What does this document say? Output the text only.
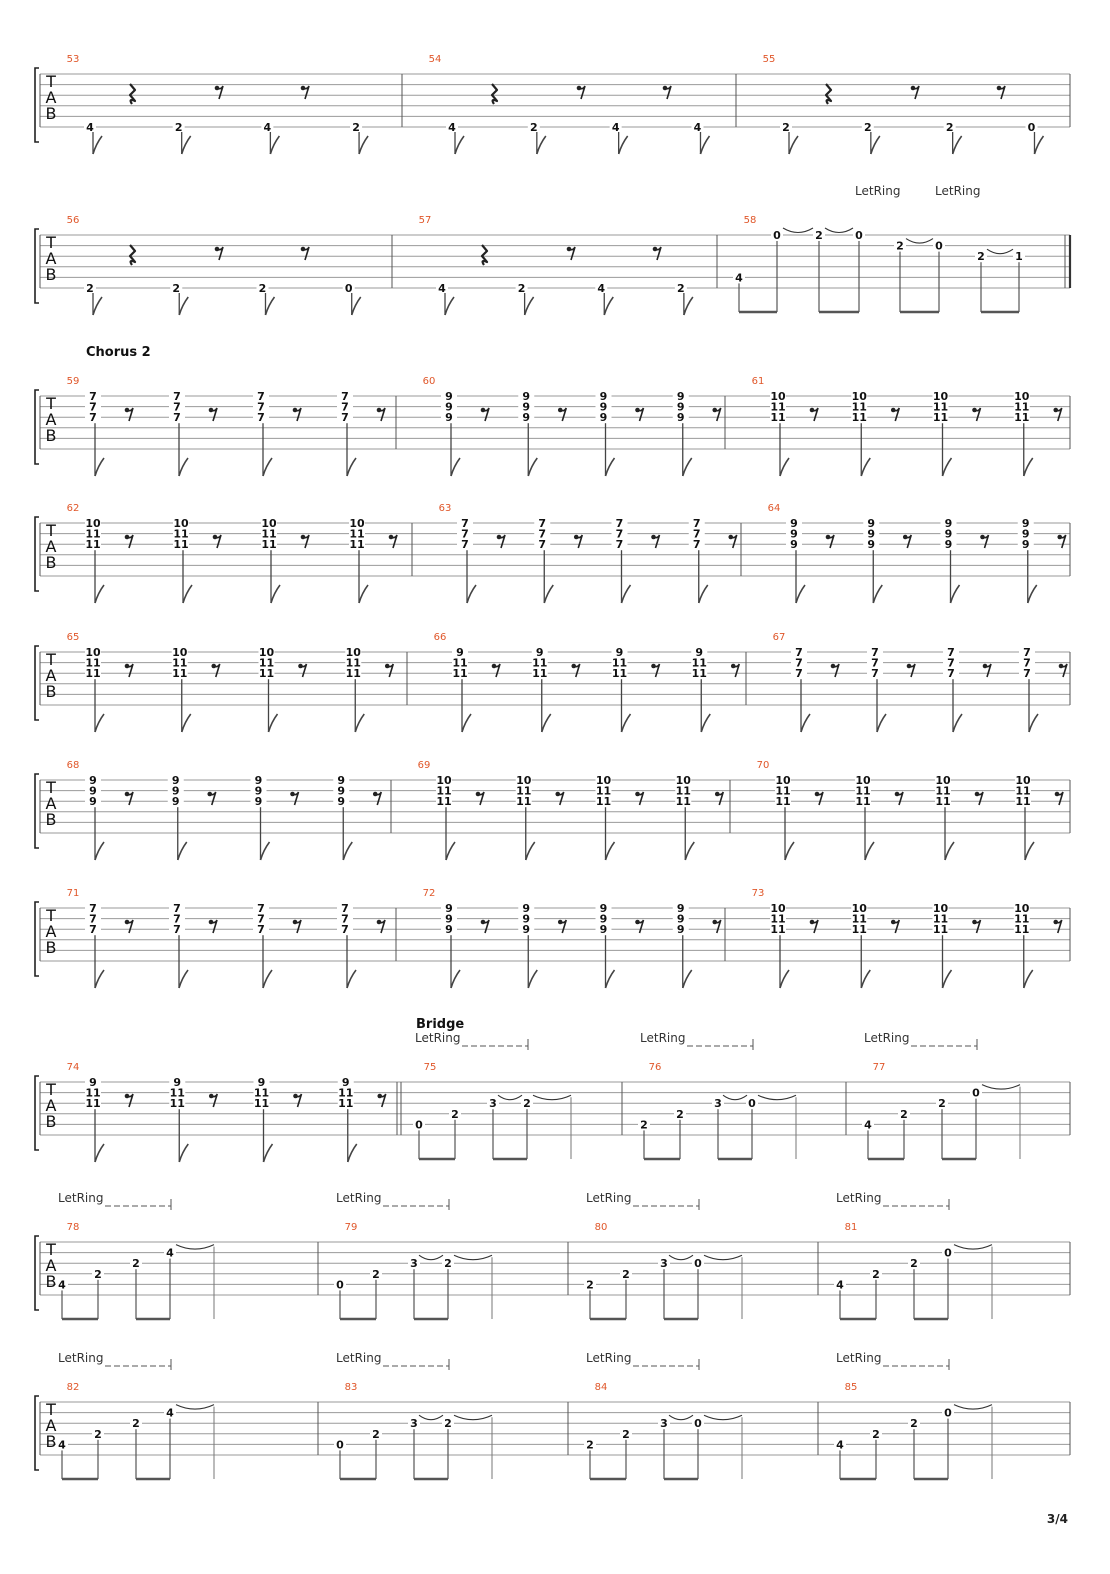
T
A
B
53
4	2	4	2
54
4	2	4	4
55
2	2	2	0
T
A
B
56
2	2	2	0
57
4	2	4	2
58
4
0	2	0
2	0
2	1
LetRing	LetRing
Chorus 2
T
A
B
59
7
7
7
7
7
7
7
7
7
7
7
7
60
9
9
9
9
9
9
9
9
9
9
9
9
61
10
11
11
10
11
11
10
11
11
10
11
11
T
A
B
62
10
11
11
10
11
11
10
11
11
10
11
11
63
7
7
7
7
7
7
7
7
7
7
7
7
64
9
9
9
9
9
9
9
9
9
9
9
9
T
A
B
65
10
11
11
10
11
11
10
11
11
10
11
11
66
9
11
11
9
11
11
9
11
11
9
11
11
67
7
7
7
7
7
7
7
7
7
7
7
7
T
A
B
68
9
9
9
9
9
9
9
9
9
9
9
9
69
10
11
11
10
11
11
10
11
11
10
11
11
70
10
11
11
10
11
11
10
11
11
10
11
11
T
A
B
71
7
7
7
7
7
7
7
7
7
7
7
7
72
9
9
9
9
9
9
9
9
9
9
9
9
73
10
11
11
10
11
11
10
11
11
10
11
11
T
A
B
74
9
11
11
9
11
11
9
11
11
9
11
11
75
Bridge
LetRing
0
2
3 2
76
LetRing
2
2
3 0
77
LetRing
4
2
2
0
T
A
B
78
LetRing
4
2
2
4
79
LetRing
0
2
3 2
80
LetRing
2
2
3 0
81
LetRing
4
2
2
0
T
A
B
82
LetRing
4
2
2
4
83
LetRing
0
2
3 2
84
LetRing
2
2
3 0
85
LetRing
4
2
2
0
3/4
